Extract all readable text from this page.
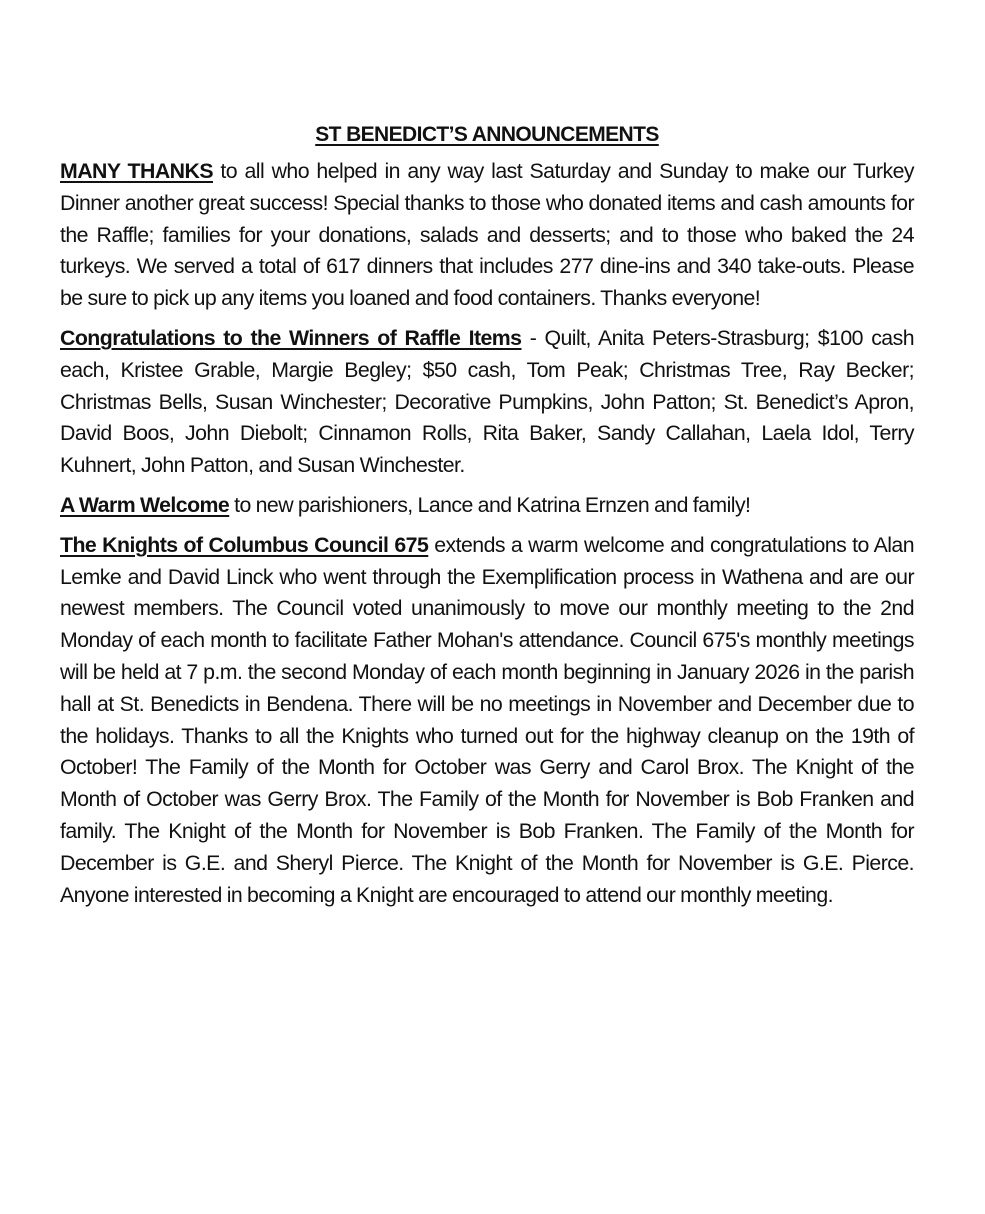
ST BENEDICT’S ANNOUNCEMENTS

MANY THANKS to all who helped in any way last Saturday and Sunday to make our Turkey Dinner another great success! Special thanks to those who donated items and cash amounts for the Raffle; families for your donations, salads and desserts; and to those who baked the 24 turkeys. We served a total of 617 dinners that includes 277 dine-ins and 340 take-outs. Please be sure to pick up any items you loaned and food containers. Thanks everyone!

Congratulations to the Winners of Raffle Items - Quilt, Anita Peters-Strasburg; $100 cash each, Kristee Grable, Margie Begley; $50 cash, Tom Peak; Christmas Tree, Ray Becker; Christmas Bells, Susan Winchester; Decorative Pumpkins, John Patton; St. Benedict’s Apron, David Boos, John Diebolt; Cinnamon Rolls, Rita Baker, Sandy Callahan, Laela Idol, Terry Kuhnert, John Patton, and Susan Winchester.

A Warm Welcome to new parishioners, Lance and Katrina Ernzen and family!

The Knights of Columbus Council 675 extends a warm welcome and congratulations to Alan Lemke and David Linck who went through the Exemplification process in Wathena and are our newest members. The Council voted unanimously to move our monthly meeting to the 2nd Monday of each month to facilitate Father Mohan's attendance. Council 675's monthly meetings will be held at 7 p.m. the second Monday of each month beginning in January 2026 in the parish hall at St. Benedicts in Bendena. There will be no meetings in November and December due to the holidays. Thanks to all the Knights who turned out for the highway cleanup on the 19th of October! The Family of the Month for October was Gerry and Carol Brox. The Knight of the Month of October was Gerry Brox. The Family of the Month for November is Bob Franken and family. The Knight of the Month for November is Bob Franken. The Family of the Month for December is G.E. and Sheryl Pierce. The Knight of the Month for November is G.E. Pierce. Anyone interested in becoming a Knight are encouraged to attend our monthly meeting.
